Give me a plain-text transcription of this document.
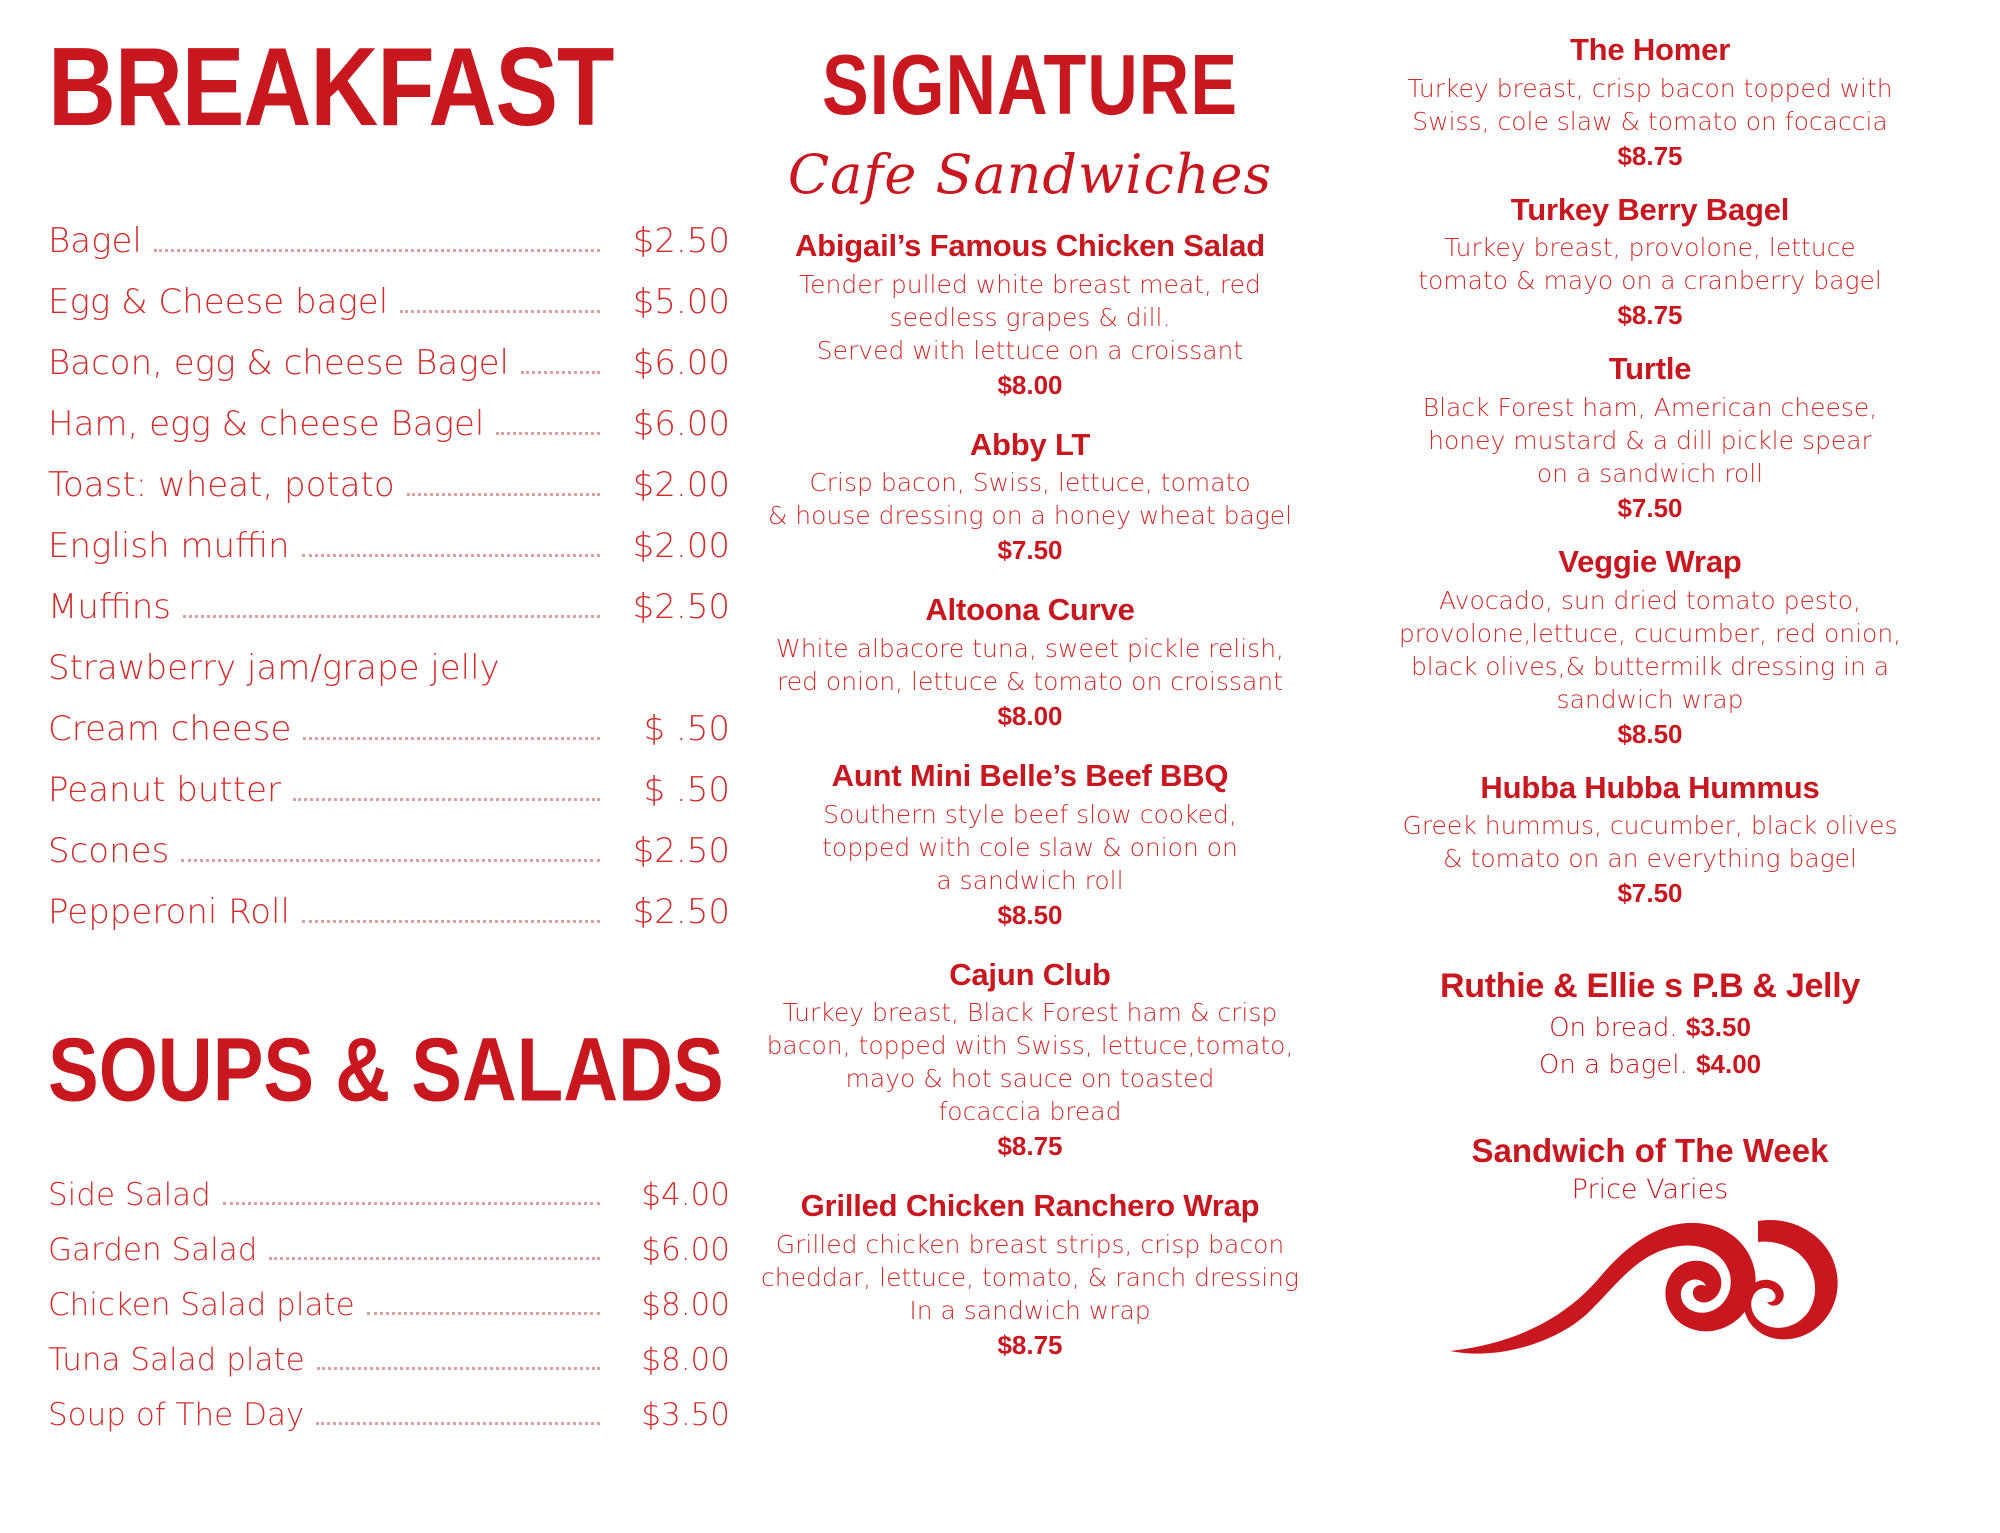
BREAKFAST
Bagel	$2.50
Egg & Cheese bagel	$5.00
Bacon, egg & cheese Bagel	$6.00
Ham, egg & cheese Bagel	$6.00
Toast: wheat, potato	$2.00
English muffin	$2.00
Muffins	$2.50
Strawberry jam/grape jelly
Cream cheese	$ .50
Peanut butter	$ .50
Scones	$2.50
Pepperoni Roll	$2.50
SOUPS & SALADS
Side Salad	$4.00
Garden Salad	$6.00
Chicken Salad plate	$8.00
Tuna Salad plate	$8.00
Soup of The Day	$3.50
SIGNATURE
Cafe Sandwiches
Abigail’s Famous Chicken Salad
Tender pulled white breast meat, red
seedless grapes & dill.
Served with lettuce on a croissant
$8.00
Abby LT
Crisp bacon, Swiss, lettuce, tomato
& house dressing on a honey wheat bagel
$7.50
Altoona Curve
White albacore tuna, sweet pickle relish,
red onion, lettuce & tomato on croissant
$8.00
Aunt Mini Belle’s Beef BBQ
Southern style beef slow cooked,
topped with cole slaw & onion on
a sandwich roll
$8.50
Cajun Club
Turkey breast, Black Forest ham & crisp
bacon, topped with Swiss, lettuce,tomato,
mayo & hot sauce on toasted
focaccia bread
$8.75
Grilled Chicken Ranchero Wrap
Grilled chicken breast strips, crisp bacon
cheddar, lettuce, tomato, & ranch dressing
In a sandwich wrap
$8.75
The Homer
Turkey breast, crisp bacon topped with
Swiss, cole slaw & tomato on focaccia
$8.75
Turkey Berry Bagel
Turkey breast, provolone, lettuce
tomato & mayo on a cranberry bagel
$8.75
Turtle
Black Forest ham, American cheese,
honey mustard & a dill pickle spear
on a sandwich roll
$7.50
Veggie Wrap
Avocado, sun dried tomato pesto,
provolone,lettuce, cucumber, red onion,
black olives,& buttermilk dressing in a
sandwich wrap
$8.50
Hubba Hubba Hummus
Greek hummus, cucumber, black olives
& tomato on an everything bagel
$7.50
Ruthie & Ellie s P.B & Jelly
On bread. $3.50
On a bagel. $4.00
Sandwich of The Week
Price Varies
